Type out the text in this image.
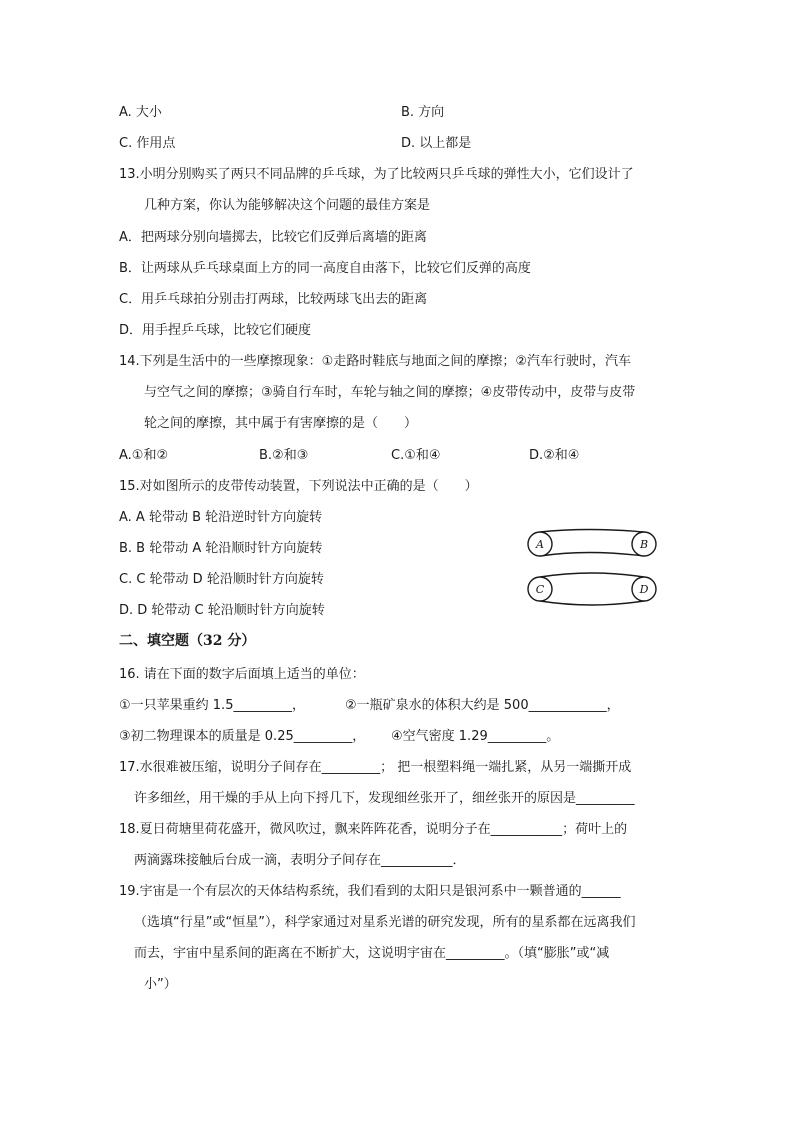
A. 大小	B. 方向
C. 作用点	D. 以上都是
13.小明分别购买了两只不同品牌的乒乓球，为了比较两只乒乓球的弹性大小，它们设计了
几种方案，你认为能够解决这个问题的最佳方案是
A．把两球分别向墙掷去，比较它们反弹后离墙的距离
B．让两球从乒乓球桌面上方的同一高度自由落下，比较它们反弹的高度
C．用乒乓球拍分别击打两球，比较两球飞出去的距离
D．用手捏乒乓球，比较它们硬度
14.下列是生活中的一些摩擦现象：①走路时鞋底与地面之间的摩擦；②汽车行驶时，汽车
与空气之间的摩擦；③骑自行车时，车轮与轴之间的摩擦；④皮带传动中，皮带与皮带
轮之间的摩擦，其中属于有害摩擦的是（　　）
A.①和②	B.②和③	C.①和④	D.②和④
15.对如图所示的皮带传动装置，下列说法中正确的是（　　）
A. A 轮带动 B 轮沿逆时针方向旋转
B. B 轮带动 A 轮沿顺时针方向旋转
C. C 轮带动 D 轮沿顺时针方向旋转
D. D 轮带动 C 轮沿顺时针方向旋转
A	B
C	D
二、填空题（32 分）
16. 请在下面的数字后面填上适当的单位：
①一只苹果重约 1.5_________，	②一瓶矿泉水的体积大约是 500____________，
③初二物理课本的质量是 0.25_________， ④空气密度 1.29_________。
17.水很难被压缩，说明分子间存在_________； 把一根塑料绳一端扎紧，从另一端撕开成
许多细丝，用干燥的手从上向下捋几下，发现细丝张开了，细丝张开的原因是_________
18.夏日荷塘里荷花盛开，微风吹过，飘来阵阵花香，说明分子在___________；荷叶上的
两滴露珠接触后台成一滴，表明分子间存在___________．
19.宇宙是一个有层次的天体结构系统，我们看到的太阳只是银河系中一颗普通的______
（选填“行星”或“恒星”），科学家通过对星系光谱的研究发现，所有的星系都在远离我们
而去，宇宙中星系间的距离在不断扩大，这说明宇宙在_________。（填“膨胀”或“减
小”）
